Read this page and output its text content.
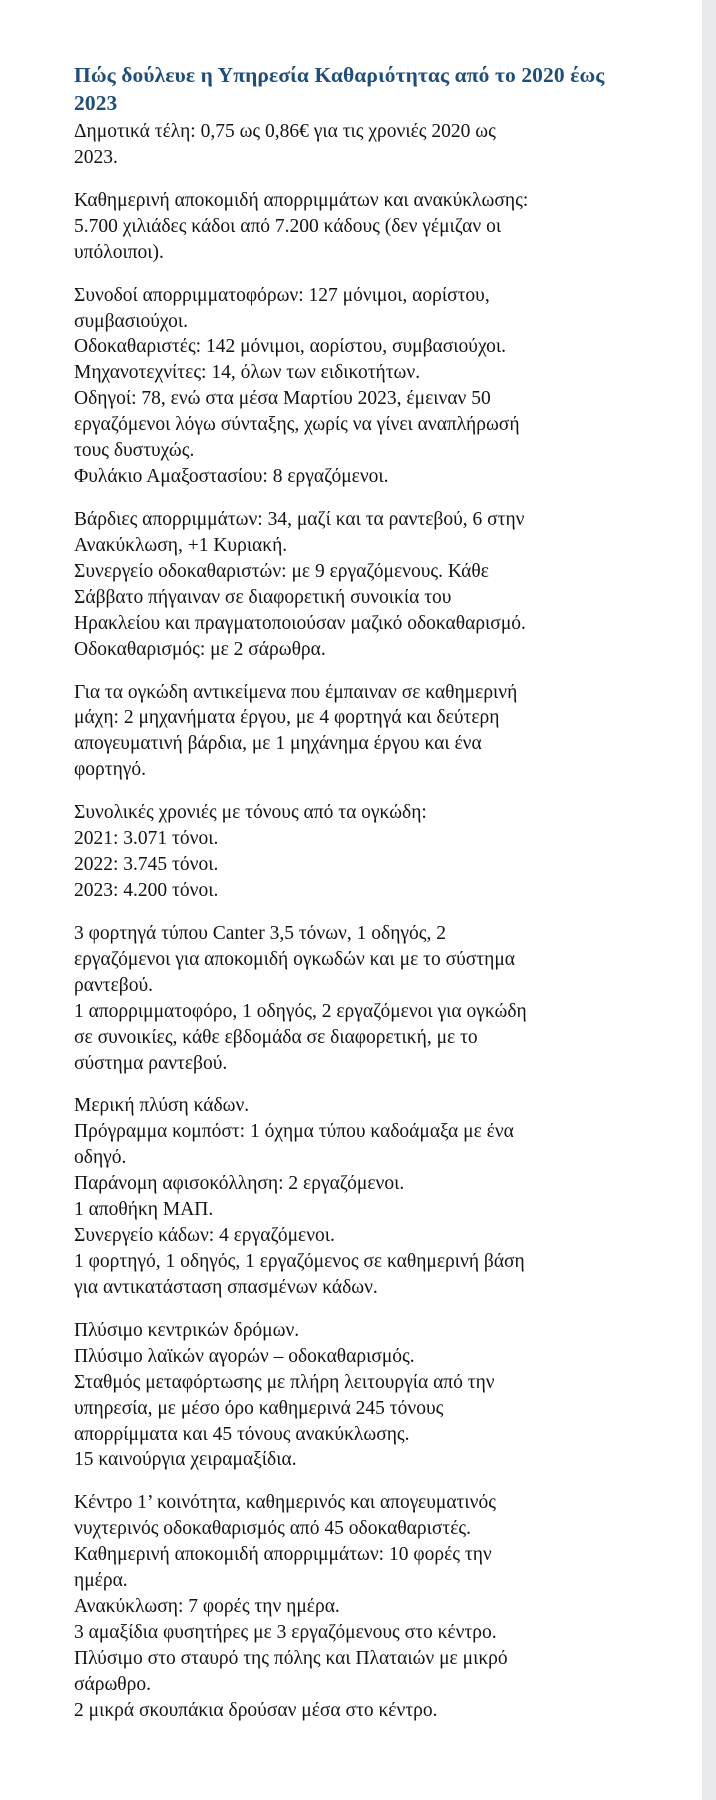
Πώς δούλευε η Υπηρεσία Καθαριότητας από το 2020 έως 2023

Δημοτικά τέλη: 0,75 ως 0,86€ για τις χρονιές 2020 ως
2023.

Καθημερινή αποκομιδή απορριμμάτων και ανακύκλωσης:
5.700 χιλιάδες κάδοι από 7.200 κάδους (δεν γέμιζαν οι
υπόλοιποι).

Συνοδοί απορριμματοφόρων: 127 μόνιμοι, αορίστου,
συμβασιούχοι.
Οδοκαθαριστές: 142 μόνιμοι, αορίστου, συμβασιούχοι.
Μηχανοτεχνίτες: 14, όλων των ειδικοτήτων.
Οδηγοί: 78, ενώ στα μέσα Μαρτίου 2023, έμειναν 50
εργαζόμενοι λόγω σύνταξης, χωρίς να γίνει αναπλήρωσή
τους δυστυχώς.
Φυλάκιο Αμαξοστασίου: 8 εργαζόμενοι.

Βάρδιες απορριμμάτων: 34, μαζί και τα ραντεβού, 6 στην
Ανακύκλωση, +1 Κυριακή.
Συνεργείο οδοκαθαριστών: με 9 εργαζόμενους. Κάθε
Σάββατο πήγαιναν σε διαφορετική συνοικία του
Ηρακλείου και πραγματοποιούσαν μαζικό οδοκαθαρισμό.
Οδοκαθαρισμός: με 2 σάρωθρα.

Για τα ογκώδη αντικείμενα που έμπαιναν σε καθημερινή
μάχη: 2 μηχανήματα έργου, με 4 φορτηγά και δεύτερη
απογευματινή βάρδια, με 1 μηχάνημα έργου και ένα
φορτηγό.

Συνολικές χρονιές με τόνους από τα ογκώδη:
2021: 3.071 τόνοι.
2022: 3.745 τόνοι.
2023: 4.200 τόνοι.

3 φορτηγά τύπου Canter 3,5 τόνων, 1 οδηγός, 2
εργαζόμενοι για αποκομιδή ογκωδών και με το σύστημα
ραντεβού.
1 απορριμματοφόρο, 1 οδηγός, 2 εργαζόμενοι για ογκώδη
σε συνοικίες, κάθε εβδομάδα σε διαφορετική, με το
σύστημα ραντεβού.

Μερική πλύση κάδων.
Πρόγραμμα κομπόστ: 1 όχημα τύπου καδοάμαξα με ένα
οδηγό.
Παράνομη αφισοκόλληση: 2 εργαζόμενοι.
1 αποθήκη ΜΑΠ.
Συνεργείο κάδων: 4 εργαζόμενοι.
1 φορτηγό, 1 οδηγός, 1 εργαζόμενος σε καθημερινή βάση
για αντικατάσταση σπασμένων κάδων.

Πλύσιμο κεντρικών δρόμων.
Πλύσιμο λαϊκών αγορών – οδοκαθαρισμός.
Σταθμός μεταφόρτωσης με πλήρη λειτουργία από την
υπηρεσία, με μέσο όρο καθημερινά 245 τόνους
απορρίμματα και 45 τόνους ανακύκλωσης.
15 καινούργια χειραμαξίδια.

Κέντρο 1’ κοινότητα, καθημερινός και απογευματινός
νυχτερινός οδοκαθαρισμός από 45 οδοκαθαριστές.
Καθημερινή αποκομιδή απορριμμάτων: 10 φορές την
ημέρα.
Ανακύκλωση: 7 φορές την ημέρα.
3 αμαξίδια φυσητήρες με 3 εργαζόμενους στο κέντρο.
Πλύσιμο στο σταυρό της πόλης και Πλαταιών με μικρό
σάρωθρο.
2 μικρά σκουπάκια δρούσαν μέσα στο κέντρο.
